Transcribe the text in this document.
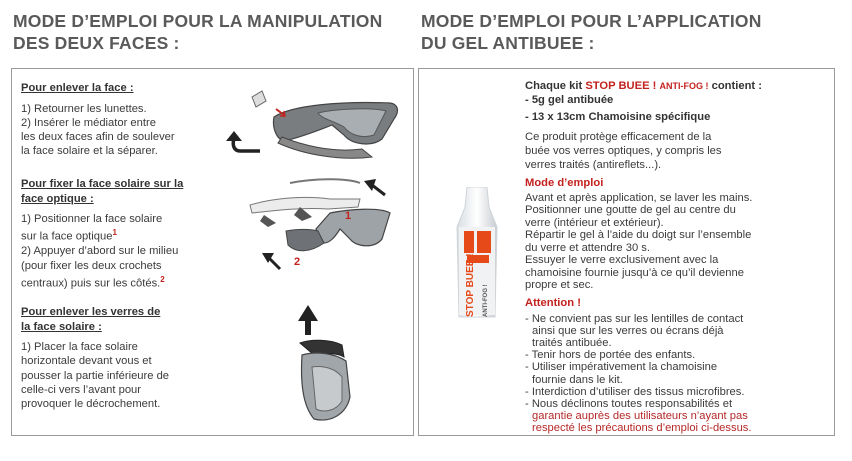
MODE D’EMPLOI POUR LA MANIPULATION
DES DEUX FACES :
MODE D’EMPLOI POUR L’APPLICATION
DU GEL ANTIBUEE :
Pour enlever la face :
1) Retourner les lunettes.
2) Insérer le médiator entre
les deux faces afin de soulever
la face solaire et la séparer.
Pour fixer la face solaire sur la
face optique :
1) Positionner la face solaire
sur la face optique$^1$
2) Appuyer d’abord sur le milieu
(pour fixer les deux crochets
centraux) puis sur les côtés.$^2$
Pour enlever les verres de
la face solaire :
1) Placer la face solaire
horizontale devant vous et
pousser la partie inférieure de
celle-ci vers l’avant pour
provoquer le décrochement.
1
2	STOP BUEE ! ANTI-FOG !
Chaque kit STOP BUEE ! ANTI-FOG ! contient :
- 5g gel antibuée
- 13 x 13cm Chamoisine spécifique
Ce produit protège efficacement de la
buée vos verres optiques, y compris les
verres traités (antireflets...).
Mode d’emploi
Avant et après application, se laver les mains.
Positionner une goutte de gel au centre du
verre (intérieur et extérieur).
Répartir le gel à l’aide du doigt sur l’ensemble
du verre et attendre 30 s.
Essuyer le verre exclusivement avec la
chamoisine fournie jusqu’à ce qu’il devienne
propre et sec.
Attention !
- Ne convient pas sur les lentilles de contact
ainsi que sur les verres ou écrans déjà
traités antibuée.
- Tenir hors de portée des enfants.
- Utiliser impérativement la chamoisine
fournie dans le kit.
- Interdiction d’utiliser des tissus microfibres.
- Nous déclinons toutes responsabilités et
garantie auprès des utilisateurs n’ayant pas
respecté les précautions d’emploi ci-dessus.
